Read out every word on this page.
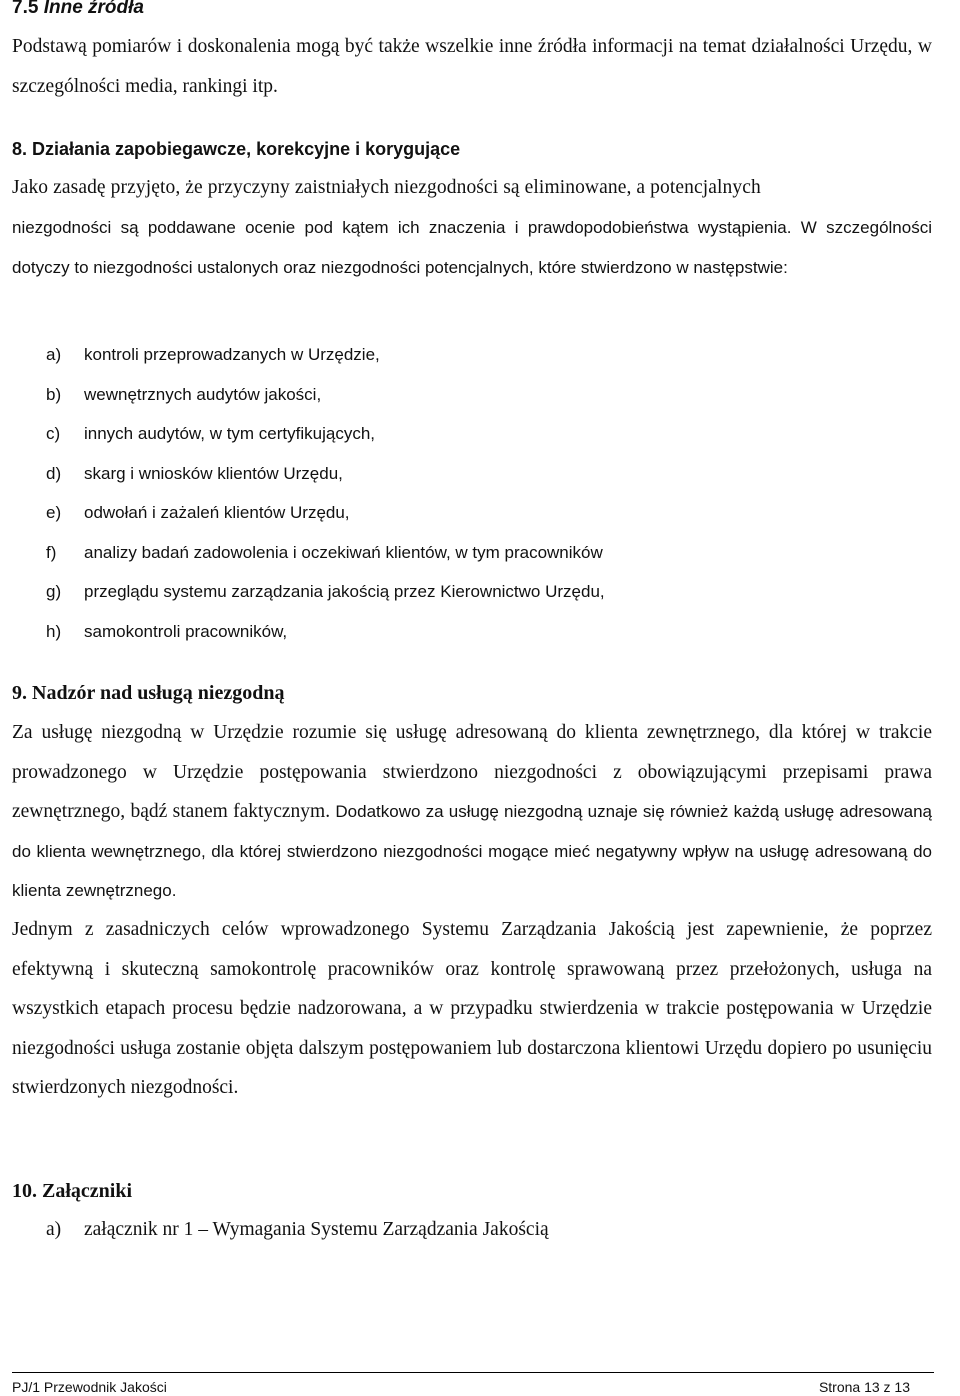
7.5 Inne źródła

Podstawą pomiarów i doskonalenia mogą być także wszelkie inne źródła informacji na temat działalności Urzędu, w szczególności media, rankingi itp.

8. Działania zapobiegawcze, korekcyjne i korygujące

Jako zasadę przyjęto, że przyczyny zaistniałych niezgodności są eliminowane, a potencjalnych

niezgodności są poddawane ocenie pod kątem ich znaczenia i prawdopodobieństwa wystąpienia. W szczególności dotyczy to niezgodności ustalonych oraz niezgodności potencjalnych, które stwierdzono w następstwie:

a) kontroli przeprowadzanych w Urzędzie,
b) wewnętrznych audytów jakości,
c) innych audytów, w tym certyfikujących,
d) skarg i wniosków klientów Urzędu,
e) odwołań i zażaleń klientów Urzędu,
f) analizy badań zadowolenia i oczekiwań klientów, w tym pracowników
g) przeglądu systemu zarządzania jakością przez Kierownictwo Urzędu,
h) samokontroli pracowników,
9. Nadzór nad usługą niezgodną

Za usługę niezgodną w Urzędzie rozumie się usługę adresowaną do klienta zewnętrznego, dla której w trakcie prowadzonego w Urzędzie postępowania stwierdzono niezgodności z obowiązującymi przepisami prawa zewnętrznego, bądź stanem faktycznym. Dodatkowo za usługę niezgodną uznaje się również każdą usługę adresowaną do klienta wewnętrznego, dla której stwierdzono niezgodności mogące mieć negatywny wpływ na usługę adresowaną do klienta zewnętrznego.

Jednym z zasadniczych celów wprowadzonego Systemu Zarządzania Jakością jest zapewnienie, że poprzez efektywną i skuteczną samokontrolę pracowników oraz kontrolę sprawowaną przez przełożonych, usługa na wszystkich etapach procesu będzie nadzorowana, a w przypadku stwierdzenia w trakcie postępowania w Urzędzie niezgodności usługa zostanie objęta dalszym postępowaniem lub dostarczona klientowi Urzędu dopiero po usunięciu stwierdzonych niezgodności.

10. Załączniki
a) załącznik nr 1 – Wymagania Systemu Zarządzania Jakością
PJ/1 Przewodnik Jakości	Strona 13 z 13
